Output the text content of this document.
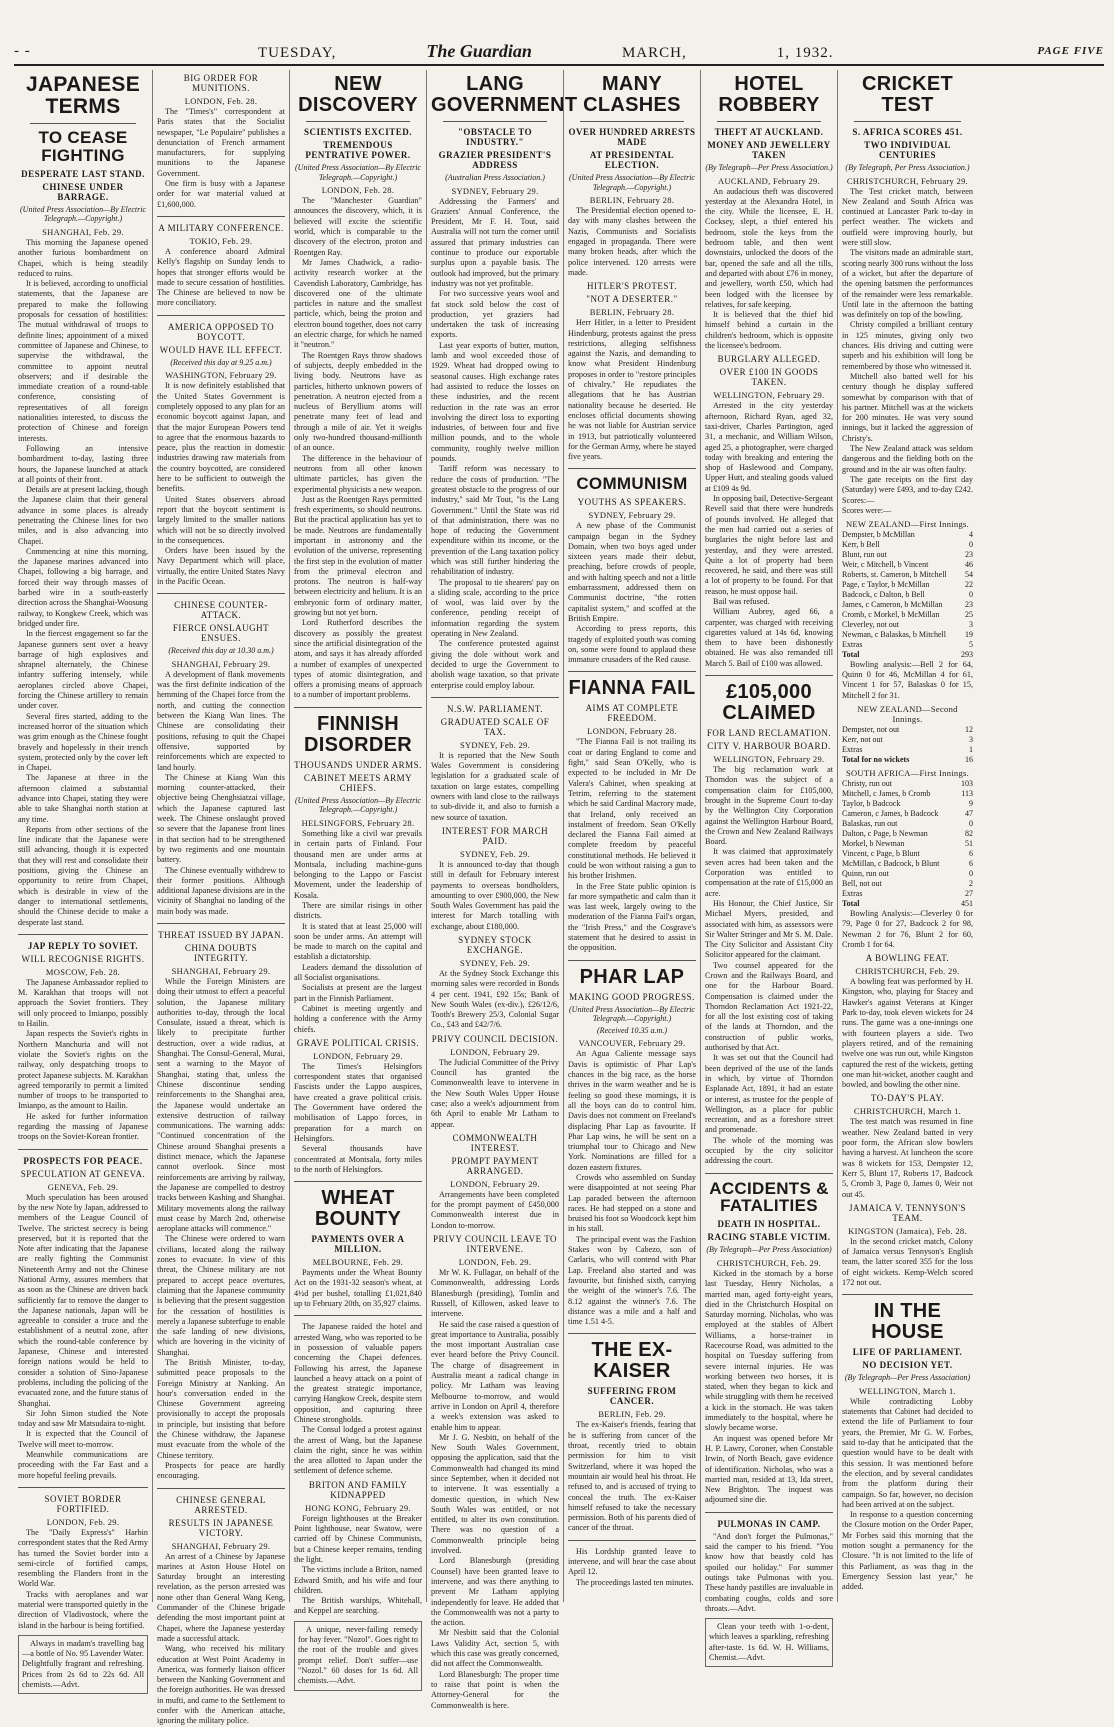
- -	TUESDAY,	The Guardian	MARCH,	1, 1932.	PAGE FIVE
JAPANESE TERMS
TO CEASE FIGHTING
DESPERATE LAST STAND.
CHINESE UNDER BARRAGE.
(United Press Association—By Electric Telegraph.—Copyright.)
SHANGHAI, Feb. 29.

This morning the Japanese opened another furious bombardment on Chapei, which is being steadily reduced to ruins.

It is believed, according to unofficial statements, that the Japanese are prepared to make the following proposals for cessation of hostilities: The mutual withdrawal of troops to definite lines; appointment of a mixed committee of Japanese and Chinese, to supervise the withdrawal, the committee to appoint neutral observers; and if desirable the immediate creation of a round-table conference, consisting of representatives of all foreign nationalities interested, to discuss the protection of Chinese and foreign interests.

Following an intensive bombardment to-day, lasting three hours, the Japanese launched at attack at all points of their front.

Details are at present lacking, though the Japanese claim that their general advance in some places is already penetrating the Chinese lines for two miles, and is also advancing into Chapei.

Commencing at nine this morning, the Japanese marines advanced into Chapei, following a big barrage, and forced their way through masses of barbed wire in a south-easterly direction across the Shanghai-Woosung railway, to Kongkew Creek, which was bridged under fire.

In the fiercest engagement so far the Japanese gunners sent over a heavy barrage of high explosives and shrapnel alternately, the Chinese infantry suffering intensely, while aeroplanes circled above Chapei, forcing the Chinese artillery to remain under cover.

Several fires started, adding to the increased horror of the situation which was grim enough as the Chinese fought bravely and hopelessly in their trench system, protected only by the cover left in Chapei.

The Japanese at three in the afternoon claimed a substantial advance into Chapei, stating they were able to take Shanghai north station at any time.

Reports from other sections of the line indicate that the Japanese were still advancing, though it is expected that they will rest and consolidate their positions, giving the Chinese an opportunity to retire from Chapei, which is desirable in view of the danger to international settlements, should the Chinese decide to make a desperate last stand.

JAP REPLY TO SOVIET.
WILL RECOGNISE RIGHTS.
MOSCOW, Feb. 28.

The Japanese Ambassador replied to M. Karakhan that troops will not approach the Soviet frontiers. They will only proceed to Imianpo, possibly to Hailin.

Japan respects the Soviet's rights in Northern Manchuria and will not violate the Soviet's rights on the railway, only despatching troops to protect Japanese subjects. M. Karakhan agreed temporarily to permit a limited number of troops to be transported to Imianpo, as the amount to Hailin.

He asked for further information regarding the massing of Japanese troops on the Soviet-Korean frontier.

PROSPECTS FOR PEACE.
SPECULATION AT GENEVA.
GENEVA, Feb. 29.

Much speculation has been aroused by the new Note by Japan, addressed to members of the League Council of Twelve. The strictest secrecy is being preserved, but it is reported that the Note after indicating that the Japanese are really fighting the Communist Nineteenth Army and not the Chinese National Army, assures members that as soon as the Chinese are driven back sufficiently far to remove the danger to the Japanese nationals, Japan will be agreeable to consider a truce and the establishment of a neutral zone, after which the round-table conference by Japanese, Chinese and interested foreign nations would be held to consider a solution of Sino-Japanese problems, including the policing of the evacuated zone, and the future status of Shanghai.

Sir John Simon studied the Note today and saw Mr Matsudaira to-night.

It is expected that the Council of Twelve will meet to-morrow.

Meanwhile communications are proceeding with the Far East and a more hopeful feeling prevails.

SOVIET BORDER FORTIFIED.
LONDON, Feb. 29.

The "Daily Express's" Harbin correspondent states that the Red Army has turned the Soviet border into a semi-circle of fortified camps, resembling the Flanders front in the World War.

Tracks with aeroplanes and war material were transported quietly in the direction of Vladivostock, where the island in the harbour is being fortified.

Always in madam's travelling bag —a bottle of No. 95 Lavender Water. Delightfully fragrant and refreshing. Prices from 2s 6d to 22s 6d. All chemists.—Advt.

BIG ORDER FOR MUNITIONS.
LONDON, Feb. 28.

The "Times's" correspondent at Paris states that the Socialist newspaper, "Le Populaire" publishes a denunciation of French armament manufacturers, for supplying munitions to the Japanese Government.

One firm is busy with a Japanese order for war material valued at £1,600,000.

A MILITARY CONFERENCE.
TOKIO, Feb. 29.

A conference aboard Admiral Kelly's flagship on Sunday lends to hopes that stronger efforts would be made to secure cessation of hostilities. The Chinese are believed to now be more conciliatory.

AMERICA OPPOSED TO BOYCOTT.
WOULD HAVE ILL EFFECT.
(Received this day at 9.25 a.m.)
WASHINGTON, February 29.

It is now definitely established that the United States Government is completely opposed to any plan for an economic boycott against Japan, and that the major European Powers tend to agree that the enormous hazards to peace, plus the reaction in domestic industries drawing raw materials from the country boycotted, are considered here to be sufficient to outweigh the benefits.

United States observers abroad report that the boycott sentiment is largely limited to the smaller nations which will not be so directly involved in the consequences.

Orders have been issued by the Navy Department which will place, virtually, the entire United States Navy in the Pacific Ocean.

CHINESE COUNTER-ATTACK.
FIERCE ONSLAUGHT ENSUES.
(Received this day at 10.30 a.m.)
SHANGHAI, February 29.

A development of flank movements was the first definite indication of the hemming of the Chapei force from the north, and cutting the connection between the Kiang Wan lines. The Chinese are consolidating their positions, refusing to quit the Chapei offensive, supported by reinforcements which are expected to land hourly.

The Chinese at Kiang Wan this morning counter-attacked, their objective being Chenghsiatzai village, which the Japanese captured last week. The Chinese onslaught proved so severe that the Japanese front lines in that section had to be strengthened by two regiments and one mountain battery.

The Chinese eventually withdrew to their former positions. Although additional Japanese divisions are in the vicinity of Shanghai no landing of the main body was made.

THREAT ISSUED BY JAPAN.
CHINA DOUBTS INTEGRITY.
SHANGHAI, February 29.

While the Foreign Ministers are doing their utmost to effect a peaceful solution, the Japanese military authorities to-day, through the local Consulate, issued a threat, which is likely to precipitate further destruction, over a wide radius, at Shanghai. The Consul-General, Murai, sent a warning to the Mayor of Shanghai, stating that, unless the Chinese discontinue sending reinforcements to the Shanghai area, the Japanese would undertake an extensive destruction of railway communications. The warning adds: "Continued concentration of the Chinese around Shanghai presents a distinct menace, which the Japanese cannot overlook. Since most reinforcements are arriving by railway, the Japanese are compelled to destroy tracks between Kashing and Shanghai. Military movements along the railway must cease by March 2nd, otherwise aeroplane attacks will commence."

The Chinese were ordered to warn civilians, located along the railway zones to evacuate. In view of this threat, the Chinese military are not prepared to accept peace overtures, claiming that the Japanese community is believing that the present suggestion for the cessation of hostilities is merely a Japanese subterfuge to enable the safe landing of new divisions, which are hovering in the vicinity of Shanghai.

The British Minister, to-day, submitted peace proposals to the Foreign Ministry at Nanking. An hour's conversation ended in the Chinese Government agreeing provisionally to accept the proposals in principle, but insisting that before the Chinese withdraw, the Japanese must evacuate from the whole of the Chinese territory.

Prospects for peace are hardly encouraging.

CHINESE GENERAL ARRESTED.
RESULTS IN JAPANESE VICTORY.
SHANGHAI, February 29.

An arrest of a Chinese by Japanese marines at Aston House Hotel on Saturday brought an interesting revelation, as the person arrested was none other than General Wang Keng, Commander of the Chinese brigade defending the most important point at Chapei, where the Japanese yesterday made a successful attack.

Wang, who received his military education at West Point Academy in America, was formerly liaison officer between the Nanking Government and the foreign authorities. He was dressed in mufti, and came to the Settlement to confer with the American attache, ignoring the military police.

NEW DISCOVERY
SCIENTISTS EXCITED.
TREMENDOUS PENTRATIVE POWER.
(United Press Association—By Electric Telegraph.—Copyright.)
LONDON, Feb. 28.

The "Manchester Guardian" announces the discovery, which, it is believed will excite the scientific world, which is comparable to the discovery of the electron, proton and Roentgen Ray.

Mr James Chadwick, a radio-activity research worker at the Cavendish Laboratory, Cambridge, has discovered one of the ultimate particles in nature and the smallest particle, which, being the proton and electron bound together, does not carry an electric charge, for which he named it "neutron."

The Roentgen Rays throw shadows of subjects, deeply embedded in the living body. Neutrons have as particles, hitherto unknown powers of penetration. A neutron ejected from a nucleus of Beryllium atoms will penetrate many feet of lead and through a mile of air. Yet it weighs only two-hundred thousand-millionth of an ounce.

The difference in the behaviour of neutrons from all other known ultimate particles, has given the experimental physicists a new weapon.

Just as the Roentgen Rays permitted fresh experiments, so should neutrons. But the practical application has yet to be made. Neutrons are fundamentally important in astronomy and the evolution of the universe, representing the first step in the evolution of matter from the primeval electron and protons. The neutron is half-way between electricity and helium. It is an embryonic form of ordinary matter, growing but not yet born.

Lord Rutherford describes the discovery as possibly the greatest since the artificial disintegration of the atom, and says it has already afforded a number of examples of unexpected types of atomic disintegration, and offers a promising means of approach to a number of important problems.

FINNISH DISORDER
THOUSANDS UNDER ARMS.
CABINET MEETS ARMY CHIEFS.
(United Press Association—By Electric Telegraph.—Copyright.)
HELSINGFORS, February 28.

Something like a civil war prevails in certain parts of Finland. Four thousand men are under arms at Montsala, including machine-guns belonging to the Lappo or Fascist Movement, under the leadership of Kosala.

There are similar risings in other districts.

It is stated that at least 25,000 will soon be under arms. An attempt will be made to march on the capital and establish a dictatorship.

Leaders demand the dissolution of all Socialist organisations.

Socialists at present are the largest part in the Finnish Parliament.

Cabinet is meeting urgently and holding a conference with the Army chiefs.

GRAVE POLITICAL CRISIS.
LONDON, February 29.

The Times's Helsingfors correspondent states that organised Fascists under the Lappo auspices, have created a grave political crisis. The Government have ordered the mobilisation of Lappo forces, in preparation for a march on Helsingfors.

Several thousands have concentrated at Montsala, forty miles to the north of Helsingfors.

WHEAT BOUNTY
PAYMENTS OVER A MILLION.
MELBOURNE, Feb. 29.

Payments under the Wheat Bounty Act on the 1931-32 season's wheat, at 4½d per bushel, totalling £1,021,840 up to February 20th, on 35,927 claims.

The Japanese raided the hotel and arrested Wang, who was reported to be in possession of valuable papers concerning the Chapei defences. Following his arrest, the Japanese launched a heavy attack on a point of the greatest strategic importance, carrying Hangkow Creek, despite stern opposition, and capturing three Chinese strongholds.

The Consul lodged a protest against the arrest of Wang, but the Japanese claim the right, since he was within the area allotted to Japan under the settlement of defence scheme.

BRITON AND FAMILY KIDNAPPED
HONG KONG, February 29.

Foreign lighthouses at the Breaker Point lighthouse, near Swatow, were carried off by Chinese Communists, but a Chinese keeper remains, tending the light.

The victims include a Briton, named Edward Smith, and his wife and four children.

The British warships, Whitehall, and Keppel are searching.

A unique, never-failing remedy for hay fever. "Nozol". Goes right to the root of the trouble and gives prompt relief. Don't suffer—use "Nozol." 60 doses for 1s 6d. All chemists.—Advt.

LANG GOVERNMENT
"OBSTACLE TO INDUSTRY."
GRAZIER PRESIDENT'S ADDRESS
(Australian Press Association.)
SYDNEY, February 29.

Addressing the Farmers' and Graziers' Annual Conference, the President, Mr F. H. Tout, said Australia will not turn the corner until assured that primary industries can continue to produce our exportable surplus upon a payable basis. The outlook had improved, but the primary industry was not yet profitable.

For two successive years wool and fat stock sold below the cost of production, yet graziers had undertaken the task of increasing exports.

Last year exports of butter, mutton, lamb and wool exceeded those of 1929. Wheat had dropped owing to seasonal causes. High exchange rates had assisted to reduce the losses on these industries, and the recent reduction in the rate was an error involving the direct loss to exporting industries, of between four and five million pounds, and to the whole community, roughly twelve million pounds.

Tariff reform was necessary to reduce the costs of production. "The greatest obstacle to the progress of our industry," said Mr Tout, "is the Lang Government." Until the State was rid of that administration, there was no hope of reducing the Government expenditure within its income, or the prevention of the Lang taxation policy which was still further hindering the rehabilitation of industry.

The proposal to tie shearers' pay on a sliding scale, according to the price of wool, was laid over by the conference, pending receipt of information regarding the system operating in New Zealand.

The conference protested against giving the dole without work and decided to urge the Government to abolish wage taxation, so that private enterprise could employ labour.

N.S.W. PARLIAMENT.
GRADUATED SCALE OF TAX.
SYDNEY, Feb. 29.

It is reported that the New South Wales Government is considering legislation for a graduated scale of taxation on large estates, compelling owners with land close to the railways to sub-divide it, and also to furnish a new source of taxation.

INTEREST FOR MARCH PAID.
SYDNEY, Feb. 29.

It is announced to-day that though still in default for February interest payments to overseas bondholders, amounting to over £900,000, the New South Wales Government has paid the interest for March totalling with exchange, about £180,000.

SYDNEY STOCK EXCHANGE.
SYDNEY, Feb. 29.

At the Sydney Stock Exchange this morning sales were recorded in Bonds 4 per cent. 1941, £92 15s; Bank of New South Wales (ex-div.), £26/12/6, Tooth's Brewery 25/3, Colonial Sugar Co., £43 and £42/7/6.

PRIVY COUNCIL DECISION.
LONDON, February 29.

The Judicial Committee of the Privy Council has granted the Commonwealth leave to intervene in the New South Wales Upper House case; also a week's adjournment from 6th April to enable Mr Latham to appear.

COMMONWEALTH INTEREST.
PROMPT PAYMENT ARRANGED.
LONDON, February 29.

Arrangements have been completed for the prompt payment of £450,000 Commonwealth interest due in London to-morrow.

PRIVY COUNCIL LEAVE TO INTERVENE.
LONDON, Feb. 29.

Mr W. K. Fullagar, on behalf of the Commonwealth, addressing Lords Blanesburgh (presiding), Tomlin and Russell, of Killowen, asked leave to intervene.

He said the case raised a question of great importance to Australia, possibly the most important Australian case ever heard before the Privy Council. The charge of disagreement in Australia meant a radical change in policy. Mr Latham was leaving Melbourne to-morrow, and would arrive in London on April 4, therefore a week's extension was asked to enable him to appear.

Mr J. G. Nesbitt, on behalf of the New South Wales Government, opposing the application, said that the Commonwealth had changed its mind since September, when it decided not to intervene. It was essentially a domestic question, in which New South Wales was entitled, or not entitled, to alter its own constitution. There was no question of a Commonwealth principle being involved.

Lord Blanesburgh (presiding Counsel) have been granted leave to intervene, and was there anything to prevent Mr Latham applying independently for leave. He added that the Commonwealth was not a party to the action.

Mr Nesbitt said that the Colonial Laws Validity Act, section 5, with which this case was greatly concerned, did not affect the Commonwealth.

Lord Blanesburgh: The proper time to raise that point is when the Attorney-General for the Commonwealth is here.

MANY CLASHES
OVER HUNDRED ARRESTS MADE
AT PRESIDENTAL ELECTION.
(United Press Association—By Electric Telegraph.—Copyright.)
BERLIN, February 28.

The Presidential election opened to-day with many clashes between the Nazis, Communists and Socialists engaged in propaganda. There were many broken heads, after which the police intervened. 120 arrests were made.

HITLER'S PROTEST.
"NOT A DESERTER."
BERLIN, February 28.

Herr Hitler, in a letter to President Hindenburg, protests against the press restrictions, alleging selfishness against the Nazis, and demanding to know what President Hindenburg proposes in order to "restore principles of chivalry." He repudiates the allegations that he has Austrian nationality because he deserted. He encloses official documents showing he was not liable for Austrian service in 1913, but patriotically volunteered for the German Army, where he stayed five years.

COMMUNISM
YOUTHS AS SPEAKERS.
SYDNEY, February 29.

A new phase of the Communist campaign began in the Sydney Domain, when two boys aged under sixteen years made their debut, preaching, before crowds of people, and with halting speech and not a little embarrassment, addressed them on Communist doctrine, "the rotten capitalist system," and scoffed at the British Empire.

According to press reports, this tragedy of exploited youth was coming on, some were found to applaud these immature crusaders of the Red cause.

FIANNA FAIL
AIMS AT COMPLETE FREEDOM.
LONDON, February 28.

"The Fianna Fail is not trailing its coat or daring England to come and fight," said Sean O'Kelly, who is expected to be included in Mr De Valera's Cabinet, when speaking at Tetrim, referring to the statement which he said Cardinal Macrory made, that Ireland, only received an instalment of freedom. Sean O'Kelly declared the Fianna Fail aimed at complete freedom by peaceful constitutional methods. He believed it could be won without raising a gun to his brother Irishmen.

In the Free State public opinion is far more sympathetic and calm than it was last week, largely owing to the moderation of the Fianna Fail's organ, the "Irish Press," and the Cosgrave's statement that he desired to assist in the opposition.

PHAR LAP
MAKING GOOD PROGRESS.
(United Press Association—By Electric Telegraph.—Copyright.)
(Received 10.35 a.m.)
VANCOUVER, February 29.

An Agua Caliente message says Davis is optimistic of Phar Lap's chances in the big race, as the horse thrives in the warm weather and he is feeling so good these mornings, it is all the boys can do to control him. Davis does not comment on Freeland's displacing Phar Lap as favourite. If Phar Lap wins, he will be sent on a triumphal tour to Chicago and New York. Nominations are filled for a dozen eastern fixtures.

Crowds who assembled on Sunday were disappointed at not seeing Phar Lap paraded between the afternoon races. He had stepped on a stone and bruised his foot so Woodcock kept him in his stall.

The principal event was the Fashion Stakes won by Cabezo, son of Carlaris, who will contend with Phar Lap. Freeland also started and was favourite, but finished sixth, carrying the weight of the winner's 7.6. The 8.12 against the winner's 7.6. The distance was a mile and a half and time 1.51 4-5.

THE EX-KAISER
SUFFERING FROM CANCER.
BERLIN, Feb. 29.

The ex-Kaiser's friends, fearing that he is suffering from cancer of the throat, recently tried to obtain permission for him to visit Switzerland, where it was hoped the mountain air would heal his throat. He refused to, and is accused of trying to conceal the truth. The ex-Kaiser himself refused to take the necessary permission. Both of his parents died of cancer of the throat.

His Lordship granted leave to intervene, and will hear the case about April 12.

The proceedings lasted ten minutes.

HOTEL ROBBERY
THEFT AT AUCKLAND.
MONEY AND JEWELLERY TAKEN
(By Telegraph—Per Press Association.)
AUCKLAND, February 29.

An audacious theft was discovered yesterday at the Alexandra Hotel, in the city. While the licensee, E. H. Cocksey, slept, a thief entered his bedroom, stole the keys from the bedroom table, and then went downstairs, unlocked the doors of the bar, opened the safe and all the tills, and departed with about £76 in money, and jewellery, worth £50, which had been lodged with the licensee by relatives, for safe keeping.

It is believed that the thief hid himself behind a curtain in the children's bedroom, which is opposite the licensee's bedroom.

BURGLARY ALLEGED.
OVER £100 IN GOODS TAKEN.
WELLINGTON, February 29.

Arrested in the city yesterday afternoon, Richard Ryan, aged 32, taxi-driver, Charles Partington, aged 31, a mechanic, and William Wilson, aged 25, a photographer, were charged today with breaking and entering the shop of Haslewood and Company, Upper Hutt, and stealing goods valued at £109 4s 9d.

In opposing bail, Detective-Sergeant Revell said that there were hundreds of pounds involved. He alleged that the men had carried out a series of burglaries the night before last and yesterday, and they were arrested. Quite a lot of property had been recovered, he said, and there was still a lot of property to be found. For that reason, he must oppose bail.

Bail was refused.

William Aubrey, aged 66, a carpenter, was charged with receiving cigarettes valued at 14s 6d, knowing them to have been dishonestly obtained. He was also remanded till March 5. Bail of £100 was allowed.

£105,000 CLAIMED
FOR LAND RECLAMATION.
CITY V. HARBOUR BOARD.
WELLINGTON, February 29.

The big reclamation work at Thorndon was the subject of a compensation claim for £105,000, brought in the Supreme Court to-day by the Wellington City Corporation against the Wellington Harbour Board, the Crown and New Zealand Railways Board.

It was claimed that approximately seven acres had been taken and the Corporation was entitled to compensation at the rate of £15,000 an acre.

His Honour, the Chief Justice, Sir Michael Myers, presided, and associated with him, as assessors were Sir Walter Stringer and Mr S. M. Dale. The City Solicitor and Assistant City Solicitor appeared for the claimant.

Two counsel appeared for the Crown and the Railways Board, and one for the Harbour Board. Compensation is claimed under the Thorndon Reclamation Act 1921-22, for all the lost existing cost of taking of the lands at Thorndon, and the construction of public works, authorised by that Act.

It was set out that the Council had been deprived of the use of the lands in which, by virtue of Thorndon Esplanade Act, 1891, it had an estate or interest, as trustee for the people of Wellington, as a place for public recreation, and as a foreshore street and promenade.

The whole of the morning was occupied by the city solicitor addressing the court.

ACCIDENTS & FATALITIES
DEATH IN HOSPITAL.
RACING STABLE VICTIM.
(By Telegraph—Per Press Association)
CHRISTCHURCH, Feb. 29.

Kicked in the stomach by a horse last Tuesday, Henry Nicholas, a married man, aged forty-eight years, died in the Christchurch Hospital on Saturday morning. Nicholas, who was employed at the stables of Albert Williams, a horse-trainer in Racecourse Road, was admitted to the hospital on Tuesday suffering from severe internal injuries. He was working between two horses, it is stated, when they began to kick and while struggling with them he received a kick in the stomach. He was taken immediately to the hospital, where he slowly became worse.

An inquest was opened before Mr H. P. Lawry, Coroner, when Constable Irwin, of North Beach, gave evidence of identification. Nicholas, who was a married man, resided at 13, Ida street, New Brighton. The inquest was adjourned sine die.

PULMONAS IN CAMP.

"And don't forget the Pulmonas," said the camper to his friend. "You know how that beastly cold has spoiled our holiday." For summer outings take Pulmonas with you. These handy pastilles are invaluable in combating coughs, colds and sore throats.—Advt.

Clean your teeth with 1-o-dent, which leaves a sparkling, refreshing after-taste. 1s 6d. W. H. Williams, Chemist.—Advt.

CRICKET TEST
S. AFRICA SCORES 451.
TWO INDIVIDUAL CENTURIES
(By Telegraph, Per Press Association.)
CHRISTCHURCH, February 29.

The Test cricket match, between New Zealand and South Africa was continued at Lancaster Park to-day in perfect weather. The wickets and outfield were improving hourly, but were still slow.

The visitors made an admirable start, scoring nearly 300 runs without the loss of a wicket, but after the departure of the opening batsmen the performances of the remainder were less remarkable. Until late in the afternoon the batting was definitely on top of the bowling.

Christy compiled a brilliant century in 125 minutes, giving only two chances. His driving and cutting were superb and his exhibition will long be remembered by those who witnessed it.

Mitchell also batted well for his century though he display suffered somewhat by comparison with that of his partner. Mitchell was at the wickets for 200 minutes. He was very sound innings, but it lacked the aggression of Christy's.

The New Zealand attack was seldom dangerous and the fielding both on the ground and in the air was often faulty.

The gate receipts on the first day (Saturday) were £493, and to-day £242. Scores:—

Scores were:—
NEW ZEALAND—First Innings.
4
Dempster, b McMillan
0
Kerr, b Bell
23
Blunt, run out
46
Weir, c Mitchell, b Vincent
54
Roberts, st. Cameron, b Mitchell
22
Page, c Taylor, b McMillan
0
Badcock, c Dalton, b Bell
23
James, c Cameron, b McMillan
25
Cromb, c Morkel, b McMillan
3
Cleverley, not out
19
Newman, c Balaskas, b Mitchell
5
Extras
Total	293

Bowling analysis:—Bell 2 for 64, Quinn 0 for 46, McMillan 4 for 61, Vincent 1 for 57, Balaskas 0 for 15, Mitchell 2 for 31.

NEW ZEALAND—Second Innings.
12
Dempster, not out
3
Kerr, not out
1
Extras
Total for no wickets	16
SOUTH AFRICA—First Innings.
103
Christy, run out
113
Mitchell, c James, b Cromb
9
Taylor, b Badcock
47
Cameron, c James, b Badcock
0
Balaskas, run out
82
Dalton, c Page, b Newman
51
Morkel, b Newman
6
Vincent, c Page, b Blunt
6
McMillan, c Badcock, b Blunt
0
Quinn, run out
2
Bell, not out
27
Extras
Total	451

Bowling Analysis:—Cleverley 0 for 79, Page 0 for 27, Badcock 2 for 98, Newman 2 for 76, Blunt 2 for 60, Cromb 1 for 64.

A BOWLING FEAT.
CHRISTCHURCH, Feb. 29.

A bowling feat was performed by H. Kingston, who, playing for Stacey and Hawker's against Veterans at Kinger Park to-day, took eleven wickets for 24 runs. The game was a one-innings one with fourteen players a side. Two players retired, and of the remaining twelve one was run out, while Kingston captured the rest of the wickets, getting one man hit-wicket, another caught and bowled, and bowling the other nine.

TO-DAY'S PLAY.
CHRISTCHURCH, March 1.

The test match was resumed in fine weather. New Zealand batted in very poor form, the African slow bowlers having a harvest. At luncheon the score was 8 wickets for 153, Dempster 12, Kerr 5, Blunt 17, Roberts 17, Badcock 5, Cromb 3, Page 0, James 0, Weir not out 45.

JAMAICA V. TENNYSON'S TEAM.
KINGSTON (Jamaica), Feb. 28.

In the second cricket match, Colony of Jamaica versus Tennyson's English team, the latter scored 355 for the loss of eight wickets. Kemp-Welch scored 172 not out.

IN THE HOUSE
LIFE OF PARLIAMENT.
NO DECISION YET.
(By Telegraph—Per Press Association)
WELLINGTON, March 1.

While contradicting Lobby statements that Cabinet had decided to extend the life of Parliament to four years, the Premier, Mr G. W. Forbes, said to-day that he anticipated that the question would have to be dealt with this session. It was mentioned before the election, and by several candidates from the platform during their campaign. So far, however, no decision had been arrived at on the subject.

In response to a question concerning the Closure motion on the Order Paper, Mr Forbes said this morning that the motion sought a permanency for the Closure. "It is not limited to the life of this Parliament, as was thag in the Emergency Session last year," he added.
